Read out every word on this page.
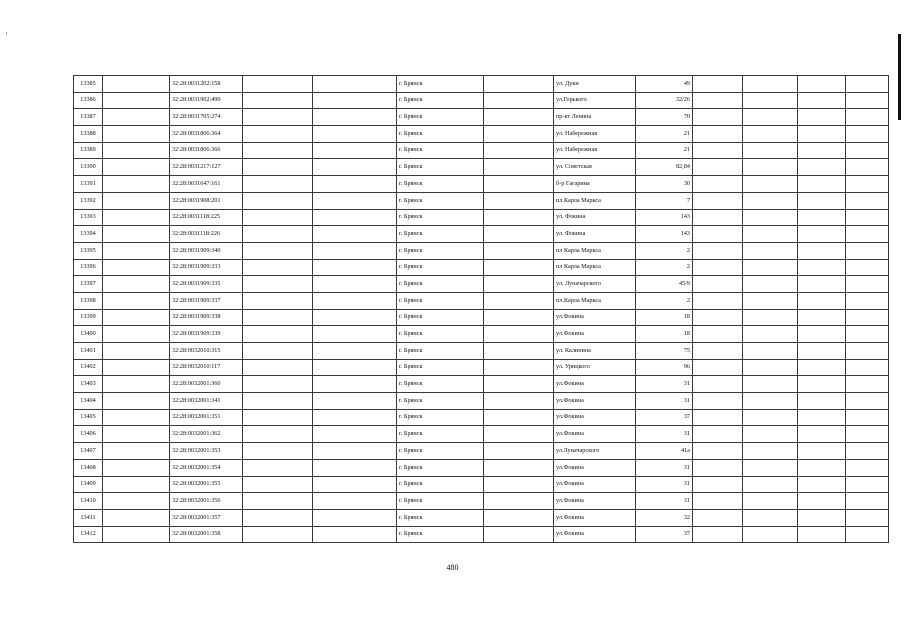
13385		32:28:0031202:158			г. Брянск		ул. Дуки	49				
13386		32:28:0031902:490			г. Брянск		ул.Горького	32/26				
13387		32:28:0031705:274			г. Брянск		пр-кт Ленина	70				
13388		32:28:0031806:364			г. Брянск		ул. Набережная	21				
13389		32:28:0031806:366			г. Брянск		ул. Набережная	21				
13390		32:28:0031217:127			г. Брянск		ул. Советская	82,84				
13391		32:28:0031647:161			г. Брянск		б-р Гагарина	30				
13392		32:28:0031908:201			г. Брянск		пл.Карла Маркса	7				
13393		32:28:0031118:225			г. Брянск		ул. Фокина	143				
13394		32:28:0031118:226			г. Брянск		ул. Фокина	143				
13395		32:28:0031909:340			г. Брянск		пл Карла Маркса	2				
13396		32:28:0031909:333			г. Брянск		пл Карла Маркса	2				
13397		32:28:0031909:335			г. Брянск		ул. Луначарского	45/9				
13398		32:28:0031909:337			г. Брянск		пл.Карла Маркса	2				
13399		32:28:0031909:338			г. Брянск		ул.Фокина	18				
13400		32:28:0031909:339			г. Брянск		ул.Фокина	18				
13401		32:28:0032010:315			г. Брянск		ул. Калинина	75				
13402		32:28:0032010:117			г. Брянск		ул. Урицкого	96				
13403		32:28:0032001:360			г. Брянск		ул.Фокина	31				
13404		32:28:0032001:341			г. Брянск		ул.Фокина	31				
13405		32:28:0032001:351			г. Брянск		ул.Фокина	37				
13406		32:28:0032001:362			г. Брянск		ул.Фокина	31				
13407		32:28:0032001:353			г. Брянск		ул.Луначарского	41а				
13408		32:28:0032001:354			г. Брянск		ул.Фокина	31				
13409		32:28:0032001:355			г. Брянск		ул.Фокина	31				
13410		32:28:0032001:356			г. Брянск		ул.Фокина	31				
13411		32:28:0032001:357			г. Брянск		ул.Фокина	32				
13412		32:28:0032001:358			г. Брянск		ул.Фокина	37				
480
